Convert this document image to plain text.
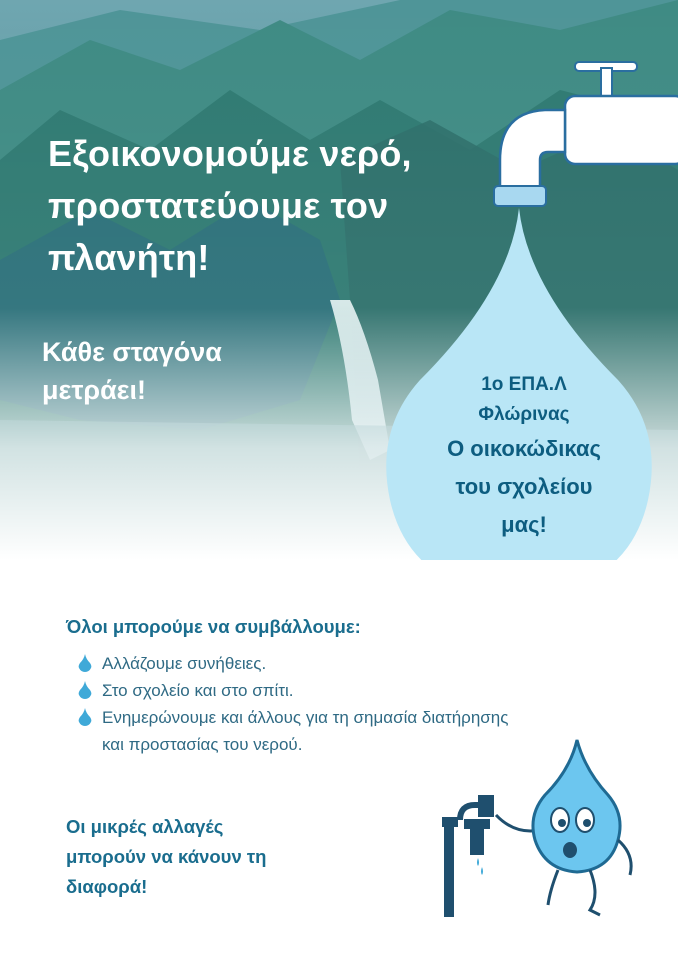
Εξοικονομούμε νερό,
προστατεύουμε τον
πλανήτη!
Κάθε σταγόνα
μετράει!	1ο ΕΠΑ.Λ
Φλώρινας
Ο οικοκώδικας
του σχολείου
μας!
Όλοι μπορούμε να συμβάλλουμε:
Αλλάζουμε συνήθειες.
Στο σχολείο και στο σπίτι.
Ενημερώνουμε και άλλους για τη σημασία διατήρησης
και προστασίας του νερού.
Οι μικρές αλλαγές
μπορούν να κάνουν τη
διαφορά!
